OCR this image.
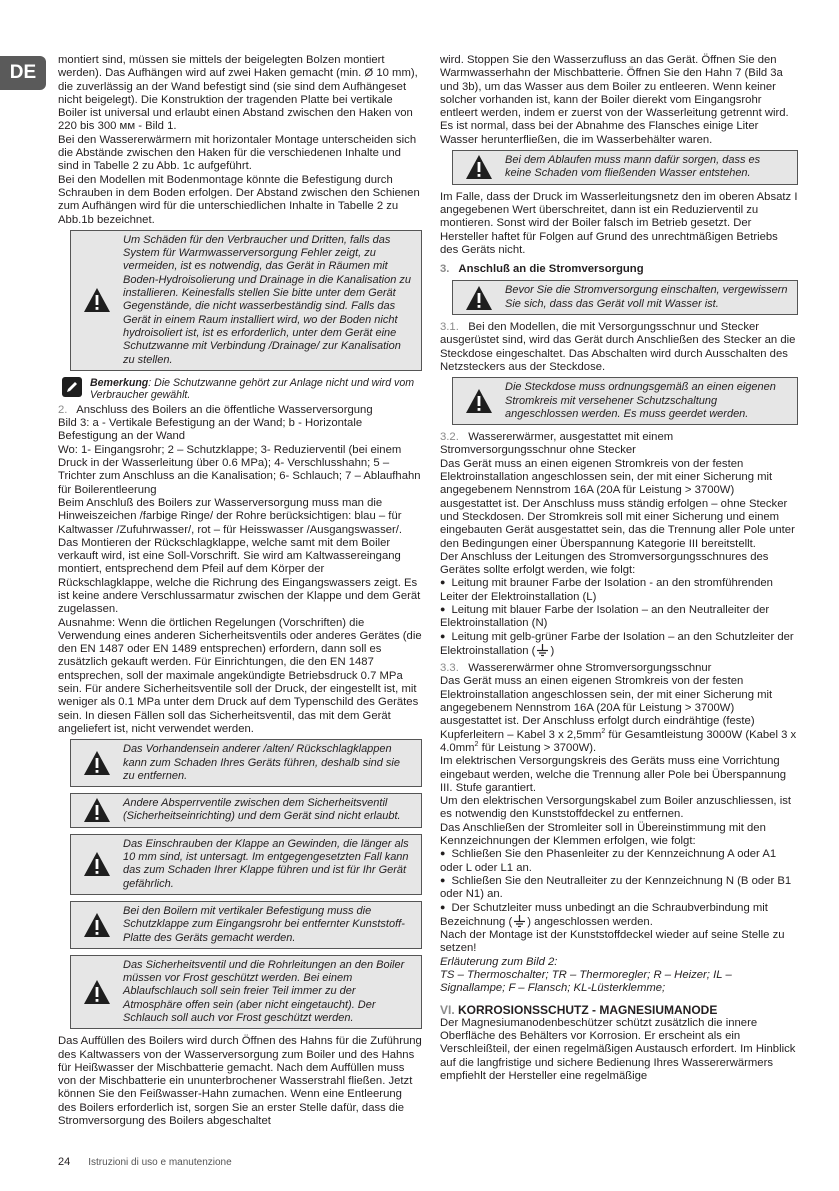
DE

montiert sind, müssen sie mittels der beigelegten Bolzen montiert werden). Das Aufhängen wird auf zwei Haken gemacht (min. Ø 10 mm), die zuverlässig an der Wand befestigt sind (sie sind dem Aufhängeset nicht beigelegt). Die Konstruktion der tragenden Platte bei vertikale Boiler ist universal und erlaubt einen Abstand zwischen den Haken von 220 bis 300 мм - Bild 1.

Bei den Wassererwärmern mit horizontaler Montage unterscheiden sich die Abstände zwischen den Haken für die verschiedenen Inhalte und sind in Tabelle 2 zu Abb. 1c aufgeführt.

Bei den Modellen mit Bodenmontage könnte die Befestigung durch Schrauben in dem Boden erfolgen. Der Abstand zwischen den Schienen zum Aufhängen wird für die unterschiedlichen Inhalte in Tabelle 2 zu Abb.1b bezeichnet.

Um Schäden für den Verbraucher und Dritten, falls das System für Warmwasserversorgung Fehler zeigt, zu vermeiden, ist es notwendig, das Gerät in Räumen mit Boden-Hydroisolierung und Drainage in die Kanalisation zu installieren. Keinesfalls stellen Sie bitte unter dem Gerät Gegenstände, die nicht wasserbeständig sind. Falls das Gerät in einem Raum installiert wird, wo der Boden nicht hydroisoliert ist, ist es erforderlich, unter dem Gerät eine Schutzwanne mit Verbindung /Drainage/ zur Kanalisation zu stellen.
Bemerkung: Die Schutzwanne gehört zur Anlage nicht und wird vom Verbraucher gewählt.

2. Anschluss des Boilers an die öffentliche Wasserversorgung

Bild 3: a - Vertikale Befestigung an der Wand; b - Horizontale Befestigung an der Wand

Wo: 1- Eingangsrohr; 2 – Schutzklappe; 3- Reduzierventil (bei einem Druck in der Wasserleitung über 0.6 MPa); 4- Verschlusshahn; 5 – Trichter zum Anschluss an die Kanalisation; 6- Schlauch; 7 – Ablaufhahn für Boilerentleerung

Beim Anschluß des Boilers zur Wasserversorgung muss man die Hinweiszeichen /farbige Ringe/ der Rohre berücksichtigen: blau – für Kaltwasser /Zufuhrwasser/, rot – für Heisswasser /Ausgangswasser/.

Das Montieren der Rückschlagklappe, welche samt mit dem Boiler verkauft wird, ist eine Soll-Vorschrift. Sie wird am Kaltwassereingang montiert, entsprechend dem Pfeil auf dem Körper der Rückschlagklappe, welche die Richrung des Eingangswassers zeigt. Es ist keine andere Verschlussarmatur zwischen der Klappe und dem Gerät zugelassen.

Ausnahme: Wenn die örtlichen Regelungen (Vorschriften) die Verwendung eines anderen Sicherheitsventils oder anderes Gerätes (die den EN 1487 oder EN 1489 entsprechen) erfordern, dann soll es zusätzlich gekauft werden. Für Einrichtungen, die den EN 1487 entsprechen, soll der maximale angekündigte Betriebsdruck 0.7 MPa sein. Für andere Sicherheitsventile soll der Druck, der eingestellt ist, mit weniger als 0.1 MPa unter dem Druck auf dem Typenschild des Gerätes sein. In diesen Fällen soll das Sicherheitsventil, das mit dem Gerät angeliefert ist, nicht verwendet werden.

Das Vorhandensein anderer /alten/ Rückschlagklappen kann zum Schaden Ihres Geräts führen, deshalb sind sie zu entfernen.
Andere Absperrventile zwischen dem Sicherheitsventil (Sicherheitseinrichting) und dem Gerät sind nicht erlaubt.
Das Einschrauben der Klappe an Gewinden, die länger als 10 mm sind, ist untersagt. Im entgegengesetzten Fall kann das zum Schaden Ihrer Klappe führen und ist für Ihr Gerät gefährlich.
Bei den Boilern mit vertikaler Befestigung muss die Schutzklappe zum Eingangsrohr bei entfernter Kunststoff-Platte des Geräts gemacht werden.
Das Sicherheitsventil und die Rohrleitungen an den Boiler müssen vor Frost geschützt werden. Bei einem Ablaufschlauch soll sein freier Teil immer zu der Atmosphäre offen sein (aber nicht eingetaucht). Der Schlauch soll auch vor Frost geschützt werden.

Das Auffüllen des Boilers wird durch Öffnen des Hahns für die Zuführung des Kaltwassers von der Wasserversorgung zum Boiler und des Hahns für Heißwasser der Mischbatterie gemacht. Nach dem Auffüllen muss von der Mischbatterie ein ununterbrochener Wasserstrahl fließen. Jetzt können Sie den Feißwasser-Hahn zumachen. Wenn eine Entleerung des Boilers erforderlich ist, sorgen Sie an erster Stelle dafür, dass die Stromversorgung des Boilers abgeschaltet

wird. Stoppen Sie den Wasserzufluss an das Gerät. Öffnen Sie den Warmwasserhahn der Mischbatterie. Öffnen Sie den Hahn 7 (Bild 3a und 3b), um das Wasser aus dem Boiler zu entleeren. Wenn keiner solcher vorhanden ist, kann der Boiler dierekt vom Eingangsrohr entleert werden, indem er zuerst von der Wasserleitung getrennt wird. Es ist normal, dass bei der Abnahme des Flansches einige Liter Wasser herunterfließen, die im Wasserbehälter waren.

Bei dem Ablaufen muss mann dafür sorgen, dass es keine Schaden vom fließenden Wasser entstehen.

Im Falle, dass der Druck im Wasserleitungsnetz den im oberen Absatz I angegebenen Wert überschreitet, dann ist ein Reduzierventil zu montieren. Sonst wird der Boiler falsch im Betrieb gesetzt. Der Hersteller haftet für Folgen auf Grund des unrechtmäßigen Betriebs des Geräts nicht.

3. Anschluß an die Stromversorgung

Bevor Sie die Stromversorgung einschalten, vergewissern Sie sich, dass das Gerät voll mit Wasser ist.

3.1. Bei den Modellen, die mit Versorgungsschnur und Stecker ausgerüstet sind, wird das Gerät durch Anschließen des Stecker an die Steckdose eingeschaltet. Das Abschalten wird durch Ausschalten des Netzsteckers aus der Steckdose.

Die Steckdose muss ordnungsgemäß an einen eigenen Stromkreis mit versehener Schutzschaltung angeschlossen werden. Es muss geerdet werden.

3.2. Wassererwärmer, ausgestattet mit einem Stromversorgungsschnur ohne Stecker

Das Gerät muss an einen eigenen Stromkreis von der festen Elektroinstallation angeschlossen sein, der mit einer Sicherung mit angegebenem Nennstrom 16A (20A für Leistung > 3700W) ausgestattet ist. Der Anschluss muss ständig erfolgen – ohne Stecker und Steckdosen. Der Stromkreis soll mit einer Sicherung und einem eingebauten Gerät ausgestattet sein, das die Trennung aller Pole unter den Bedingungen einer Überspannung Kategorie III bereitstellt.

Der Anschluss der Leitungen des Stromversorgungsschnures des Gerätes sollte erfolgt werden, wie folgt:

● Leitung mit brauner Farbe der Isolation - an den stromführenden Leiter der Elektroinstallation (L)

● Leitung mit blauer Farbe der Isolation – an den Neutralleiter der Elektroinstallation (N)

● Leitung mit gelb-grüner Farbe der Isolation – an den Schutzleiter der Elektroinstallation ( )

3.3. Wassererwärmer ohne Stromversorgungsschnur

Das Gerät muss an einen eigenen Stromkreis von der festen Elektroinstallation angeschlossen sein, der mit einer Sicherung mit angegebenem Nennstrom 16A (20A für Leistung > 3700W) ausgestattet ist. Der Anschluss erfolgt durch eindrähtige (feste) Kupferleitern – Kabel 3 x $2,5mm^2$ für Gesamtleistung 3000W (Kabel 3 x $4.0mm^2$ für Leistung > 3700W).

Im elektrischen Versorgungskreis des Geräts muss eine Vorrichtung eingebaut werden, welche die Trennung aller Pole bei Überspannung III. Stufe garantiert.

Um den elektrischen Versorgungskabel zum Boiler anzuschliessen, ist es notwendig den Kunststoffdeckel zu entfernen.

Das Anschließen der Stromleiter soll in Übereinstimmung mit den Kennzeichnungen der Klemmen erfolgen, wie folgt:

● Schließen Sie den Phasenleiter zu der Kennzeichnung A oder A1 oder L oder L1 an.

● Schließen Sie den Neutralleiter zu der Kennzeichnung N (B oder B1 oder N1) an.

● Der Schutzleiter muss unbedingt an die Schraubverbindung mit Bezeichnung ( ) angeschlossen werden.

Nach der Montage ist der Kunststoffdeckel wieder auf seine Stelle zu setzen!

Erläuterung zum Bild 2:

TS – Thermoschalter; TR – Thermoregler; R – Heizer; IL – Signallampe; F – Flansch; KL-Lüsterklemme;

VI. KORROSIONSSCHUTZ - MAGNESIUMANODE

Der Magnesiumanodenbeschützer schützt zusätzlich die innere Oberfläche des Behälters vor Korrosion. Er erscheint als ein Verschleißteil, der einen regelmäßigen Austausch erfordert. Im Hinblick auf die langfristige und sichere Bedienung Ihres Wassererwärmers empfiehlt der Hersteller eine regelmäßige

24 Istruzioni di uso e manutenzione
